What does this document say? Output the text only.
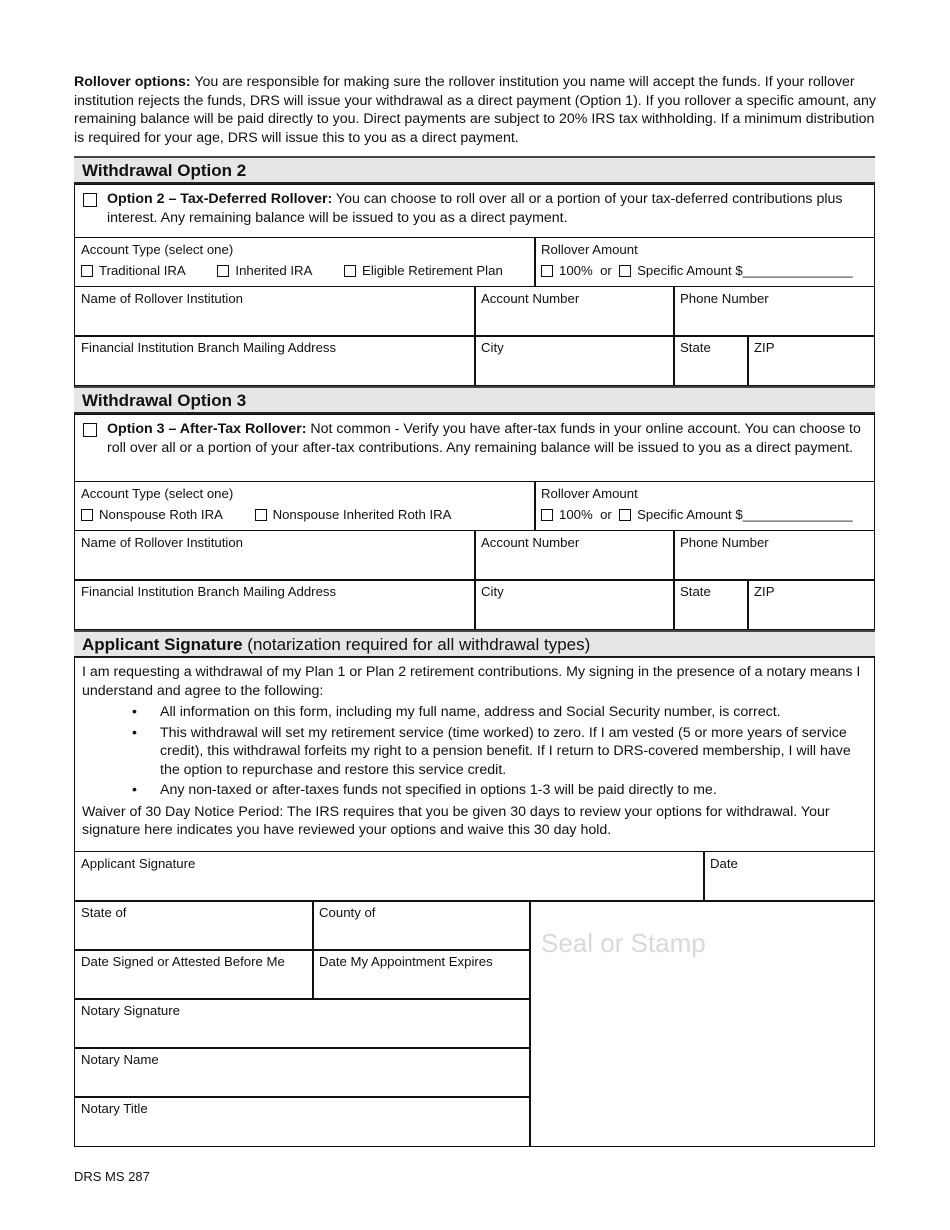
Rollover options: You are responsible for making sure the rollover institution you name will accept the funds. If your rollover institution rejects the funds, DRS will issue your withdrawal as a direct payment (Option 1). If you rollover a specific amount, any remaining balance will be paid directly to you. Direct payments are subject to 20% IRS tax withholding. If a minimum distribution is required for your age, DRS will issue this to you as a direct payment.
Withdrawal Option 2
Option 2 – Tax-Deferred Rollover: You can choose to roll over all or a portion of your tax-deferred contributions plus interest. Any remaining balance will be issued to you as a direct payment.
Account Type (select one)
Traditional IRA	Inherited IRA	Eligible Retirement Plan
Rollover Amount
100% or Specific Amount $_______________
Name of Rollover Institution	Account Number	Phone Number
Financial Institution Branch Mailing Address	City	State	ZIP
Withdrawal Option 3
Option 3 – After-Tax Rollover: Not common - Verify you have after-tax funds in your online account. You can choose to roll over all or a portion of your after-tax contributions. Any remaining balance will be issued to you as a direct payment.
Account Type (select one)
Nonspouse Roth IRA	Nonspouse Inherited Roth IRA
Rollover Amount
100% or Specific Amount $_______________
Name of Rollover Institution	Account Number	Phone Number
Financial Institution Branch Mailing Address	City	State	ZIP
Applicant Signature (notarization required for all withdrawal types)
I am requesting a withdrawal of my Plan 1 or Plan 2 retirement contributions. My signing in the presence of a notary means I understand and agree to the following:
• All information on this form, including my full name, address and Social Security number, is correct.
• This withdrawal will set my retirement service (time worked) to zero. If I am vested (5 or more years of service credit), this withdrawal forfeits my right to a pension benefit. If I return to DRS-covered membership, I will have the option to repurchase and restore this service credit.
• Any non-taxed or after-taxes funds not specified in options 1-3 will be paid directly to me.
Waiver of 30 Day Notice Period: The IRS requires that you be given 30 days to review your options for withdrawal. Your signature here indicates you have reviewed your options and waive this 30 day hold.
Applicant Signature	Date
State of	County of
Date Signed or Attested Before Me	Date My Appointment Expires
Notary Signature
Notary Name
Notary Title
Seal or Stamp
DRS MS 287
